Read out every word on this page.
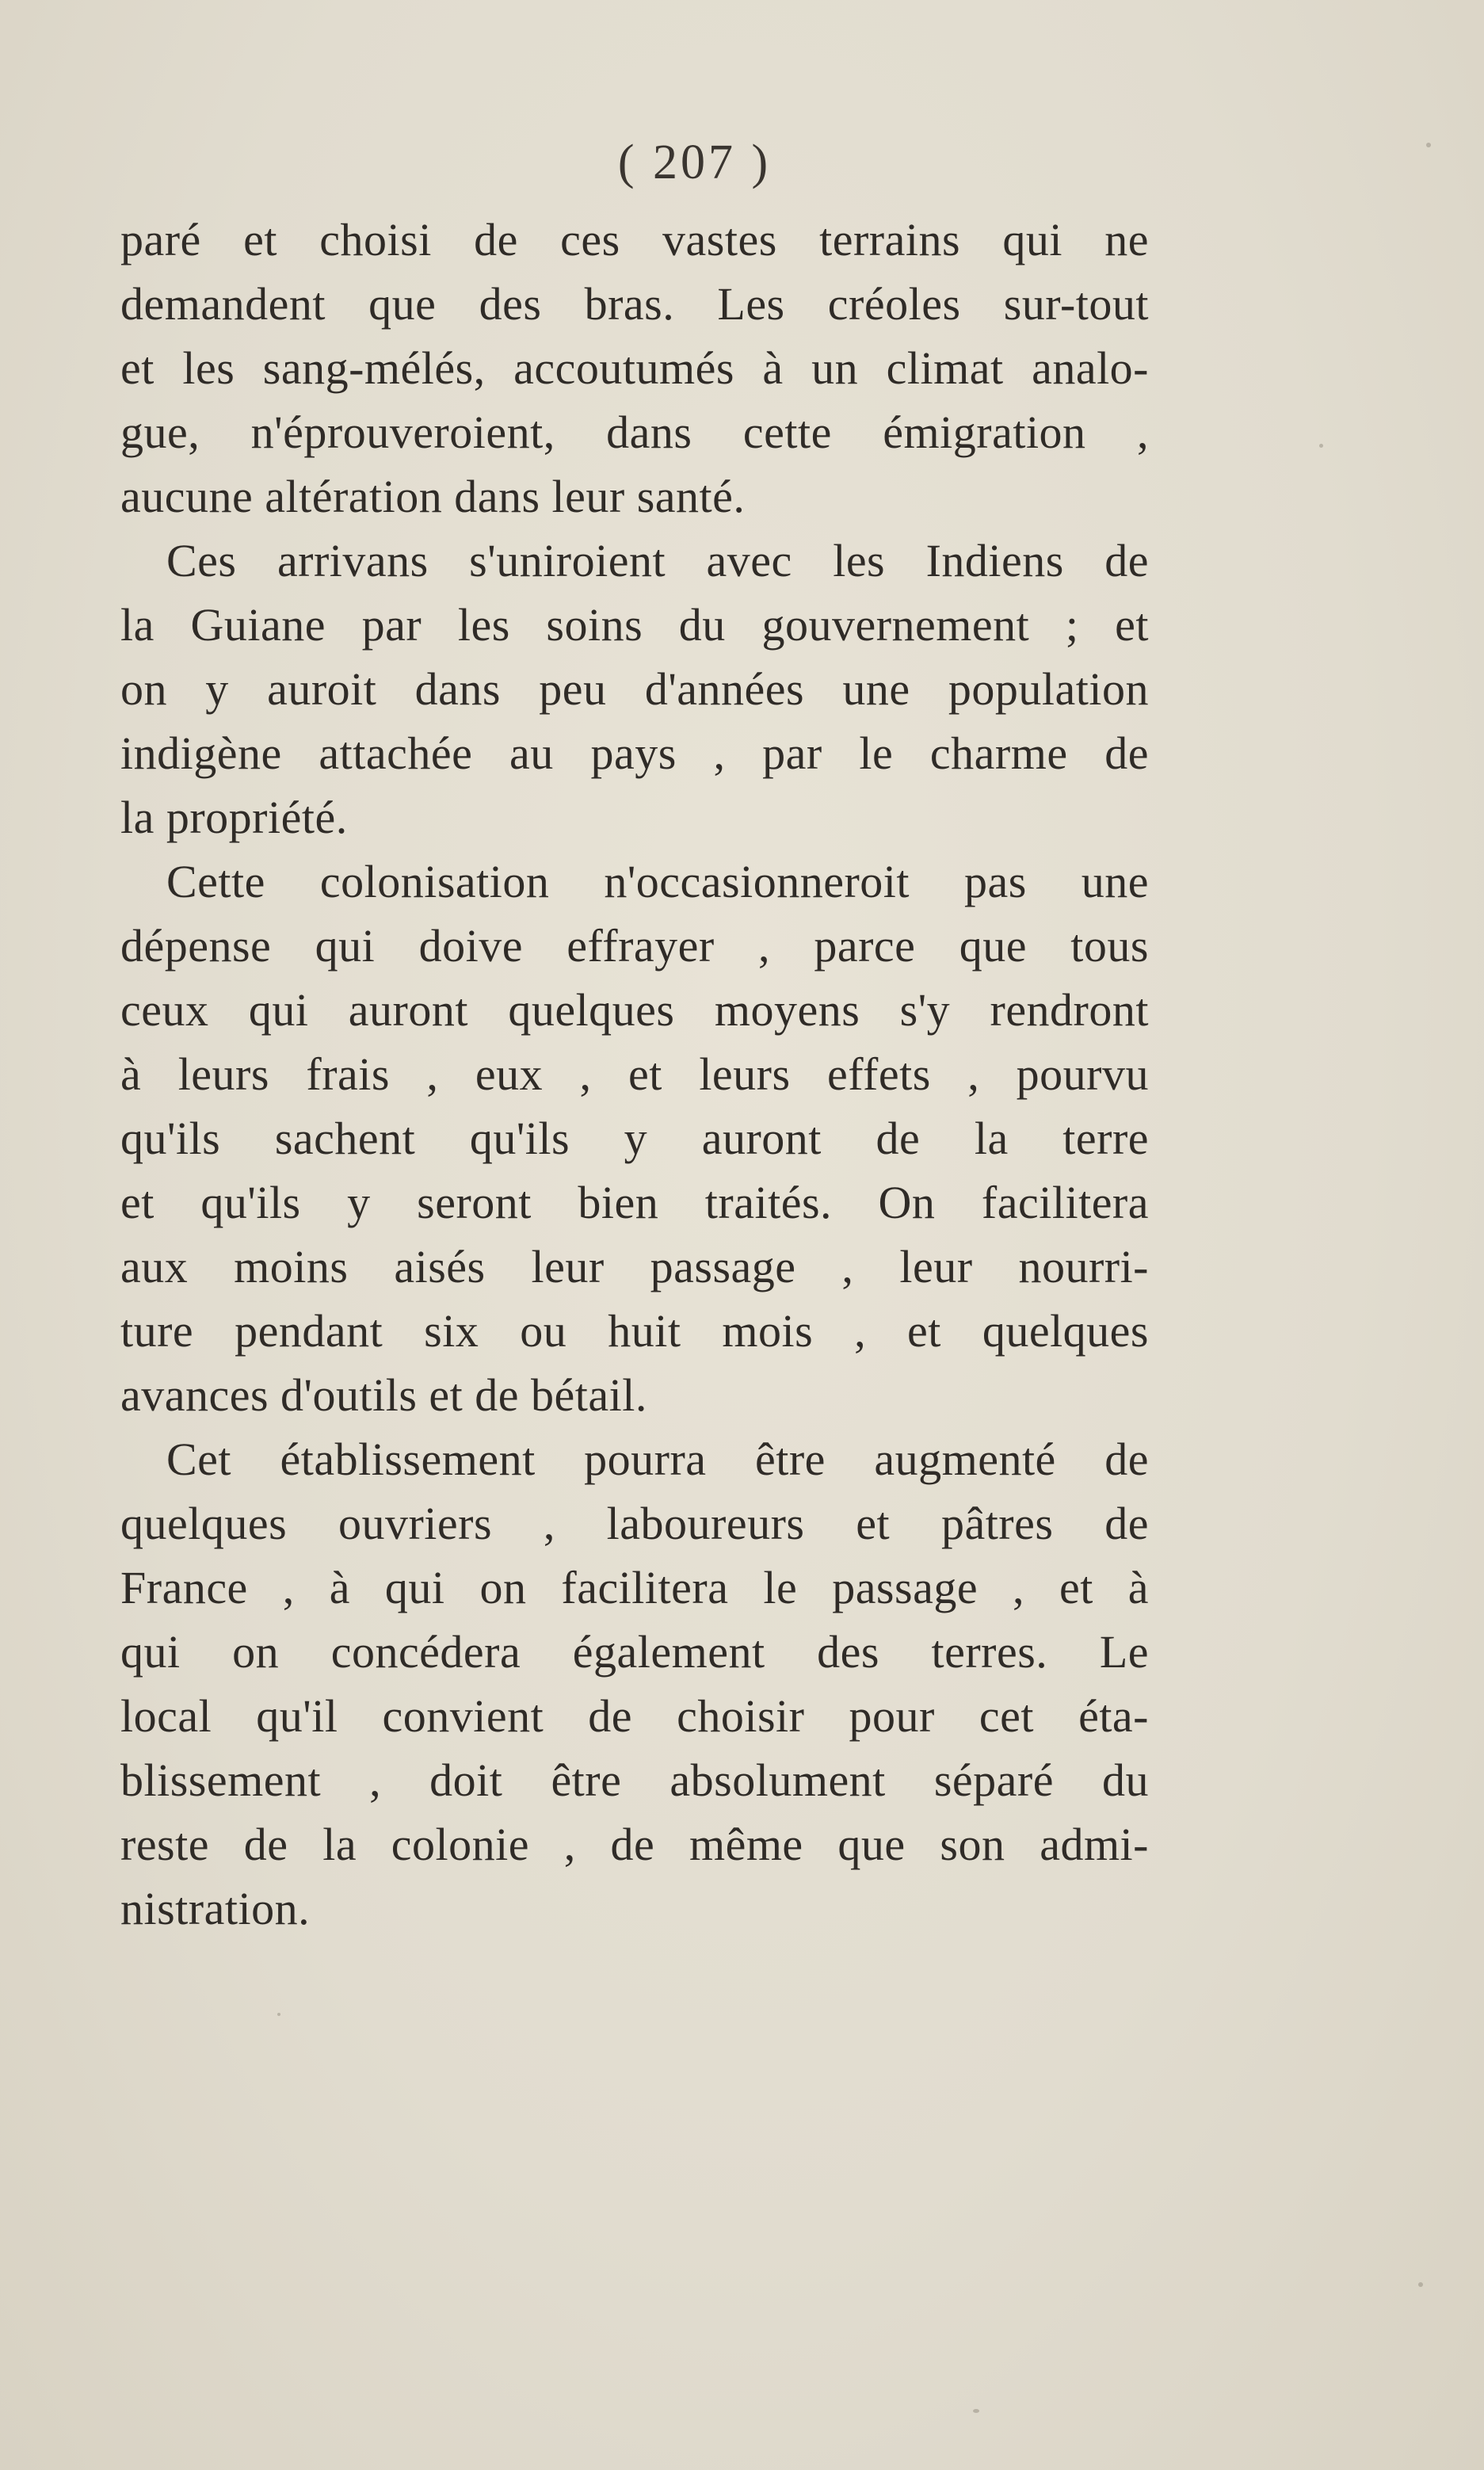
( 207 )
paré et choisi de ces vastes terrains qui ne
demandent que des bras. Les créoles sur-tout
et les sang-mélés, accoutumés à un climat analo-
gue, n'éprouveroient, dans cette émigration ,
aucune altération dans leur santé.
Ces arrivans s'uniroient avec les Indiens de
la Guiane par les soins du gouvernement ; et
on y auroit dans peu d'années une population
indigène attachée au pays , par le charme de
la propriété.
Cette colonisation n'occasionneroit pas une
dépense qui doive effrayer , parce que tous
ceux qui auront quelques moyens s'y rendront
à leurs frais , eux , et leurs effets , pourvu
qu'ils sachent qu'ils y auront de la terre
et qu'ils y seront bien traités. On facilitera
aux moins aisés leur passage , leur nourri-
ture pendant six ou huit mois , et quelques
avances d'outils et de bétail.
Cet établissement pourra être augmenté de
quelques ouvriers , laboureurs et pâtres de
France , à qui on facilitera le passage , et à
qui on concédera également des terres. Le
local qu'il convient de choisir pour cet éta-
blissement , doit être absolument séparé du
reste de la colonie , de même que son admi-
nistration.
